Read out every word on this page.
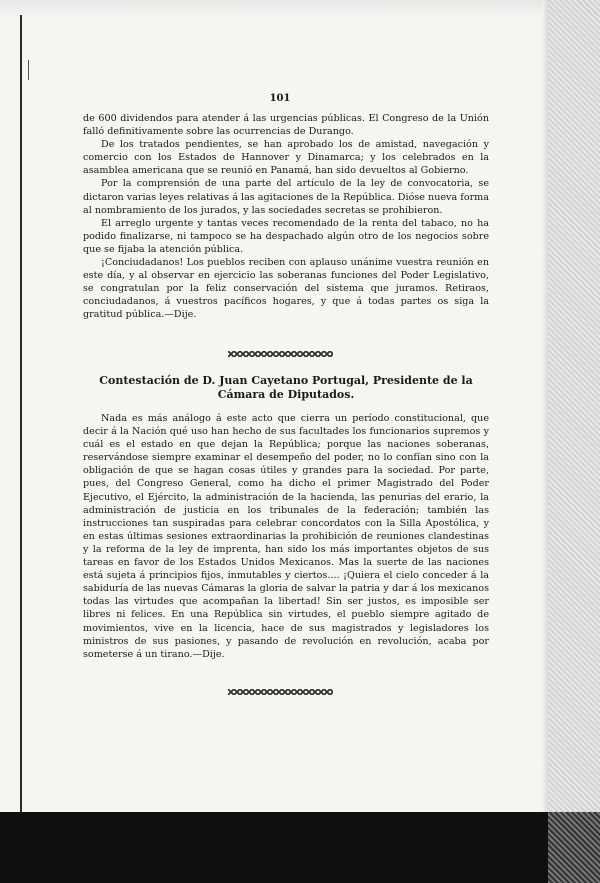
101

de 600 dividendos para atender á las urgencias públicas. El Congreso de la Unión falló definitivamente sobre las ocurrencias de Durango.

De los tratados pendientes, se han aprobado los de amistad, navegación y comercio con los Estados de Hannover y Dinamarca; y los celebrados en la asamblea americana que se reunió en Panamá, han sido devueltos al Gobierno.

Por la comprensión de una parte del artículo de la ley de convocatoria, se dictaron varias leyes relativas á las agitaciones de la República. Dióse nueva forma al nombramiento de los jurados, y las sociedades secretas se prohibieron.

El arreglo urgente y tantas veces recomendado de la renta del tabaco, no ha podido finalizarse, ni tampoco se ha despachado algún otro de los negocios sobre que se fijaba la atención pública.

¡Conciudadanos! Los pueblos reciben con aplauso unánime vuestra reunión en este día, y al observar en ejercicio las soberanas funciones del Poder Legislativo, se congratulan por la feliz conservación del sistema que juramos. Retiraos, conciudadanos, á vuestros pacíficos hogares, y que á todas partes os siga la gratitud pública.—Dije.

Contestación de D. Juan Cayetano Portugal, Presidente de la Cámara de Diputados.

Nada es más análogo á este acto que cierra un período constitucional, que decir á la Nación qué uso han hecho de sus facultades los funcionarios supremos y cuál es el estado en que dejan la República; porque las naciones soberanas, reservándose siempre examinar el desempeño del poder, no lo confían sino con la obligación de que se hagan cosas útiles y grandes para la sociedad. Por parte, pues, del Congreso General, como ha dicho el primer Magistrado del Poder Ejecutivo, el Ejército, la administración de la hacienda, las penurias del erario, la administración de justicia en los tribunales de la federación; también las instrucciones tan suspiradas para celebrar concordatos con la Silla Apostólica, y en estas últimas sesiones extraordinarias la prohibición de reuniones clandestinas y la reforma de la ley de imprenta, han sido los más importantes objetos de sus tareas en favor de los Estados Unidos Mexicanos. Mas la suerte de las naciones está sujeta á principios fijos, inmutables y ciertos.... ¡Quiera el cielo conceder á la sabiduría de las nuevas Cámaras la gloria de salvar la patria y dar á los mexicanos todas las virtudes que acompañan la libertad! Sin ser justos, es imposible ser libres ni felices. En una República sin virtudes, el pueblo siempre agitado de movimientos, vive en la licencia, hace de sus magistrados y legisladores los ministros de sus pasiones, y pasando de revolución en revolución, acaba por someterse á un tirano.—Dije.
